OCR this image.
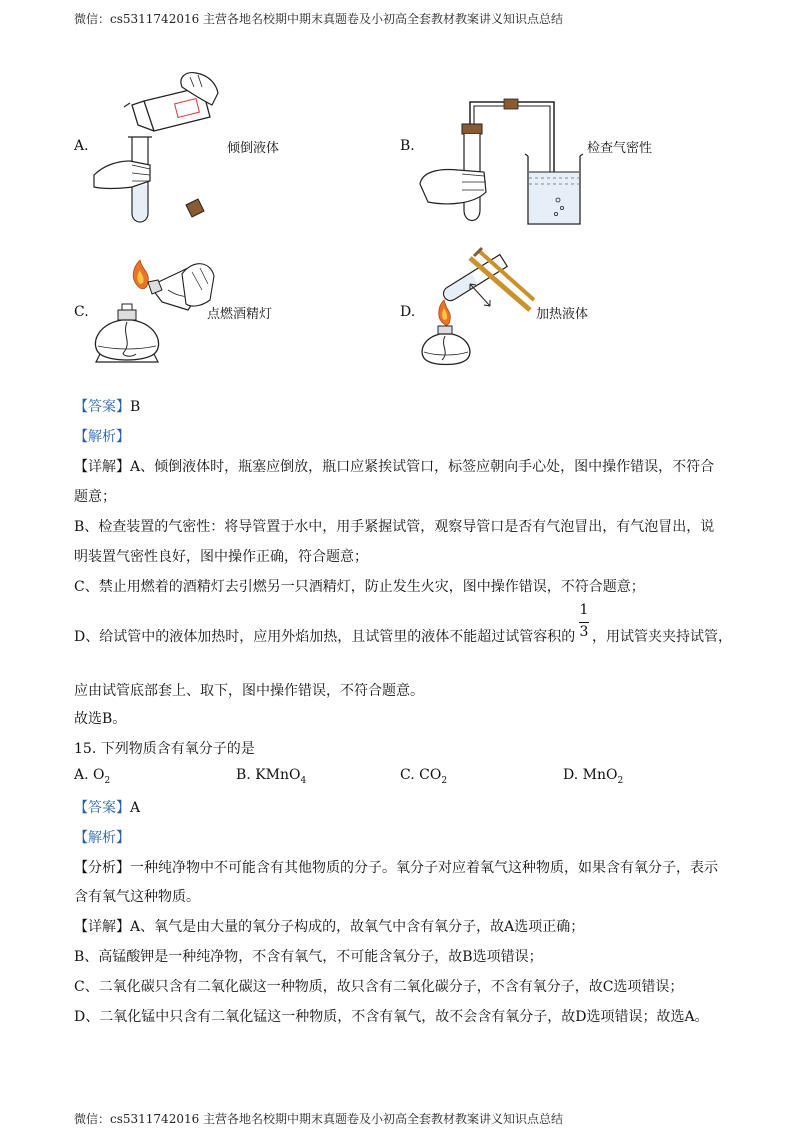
微信：cs5311742016 主营各地名校期中期末真题卷及小初高全套教材教案讲义知识点总结
A.	倾倒液体	B.	检查气密性
C.	点燃酒精灯	D.	加热液体
【答案】B
【解析】
【详解】A、倾倒液体时，瓶塞应倒放，瓶口应紧挨试管口，标签应朝向手心处，图中操作错误，不符合
题意；
B、检查装置的气密性：将导管置于水中，用手紧握试管，观察导管口是否有气泡冒出，有气泡冒出，说
明装置气密性良好，图中操作正确，符合题意；
C、禁止用燃着的酒精灯去引燃另一只酒精灯，防止发生火灾，图中操作错误，不符合题意；
D、给试管中的液体加热时，应用外焰加热，且试管里的液体不能超过试管容积的
1
3 ，用试管夹夹持试管，
应由试管底部套上、取下，图中操作错误，不符合题意。
故选B。
15. 下列物质含有氧分子的是
A. $O_2$	B. KMnO$_4$	C. $CO_2$	D. MnO$_2$
【答案】A
【解析】
【分析】一种纯净物中不可能含有其他物质的分子。氧分子对应着氧气这种物质，如果含有氧分子，表示
含有氧气这种物质。
【详解】A、氧气是由大量的氧分子构成的，故氧气中含有氧分子，故A选项正确；
B、高锰酸钾是一种纯净物，不含有氧气，不可能含氧分子，故B选项错误；
C、二氧化碳只含有二氧化碳这一种物质，故只含有二氧化碳分子，不含有氧分子，故C选项错误；
D、二氧化锰中只含有二氧化锰这一种物质，不含有氧气，故不会含有氧分子，故D选项错误；故选A。
微信：cs5311742016 主营各地名校期中期末真题卷及小初高全套教材教案讲义知识点总结
